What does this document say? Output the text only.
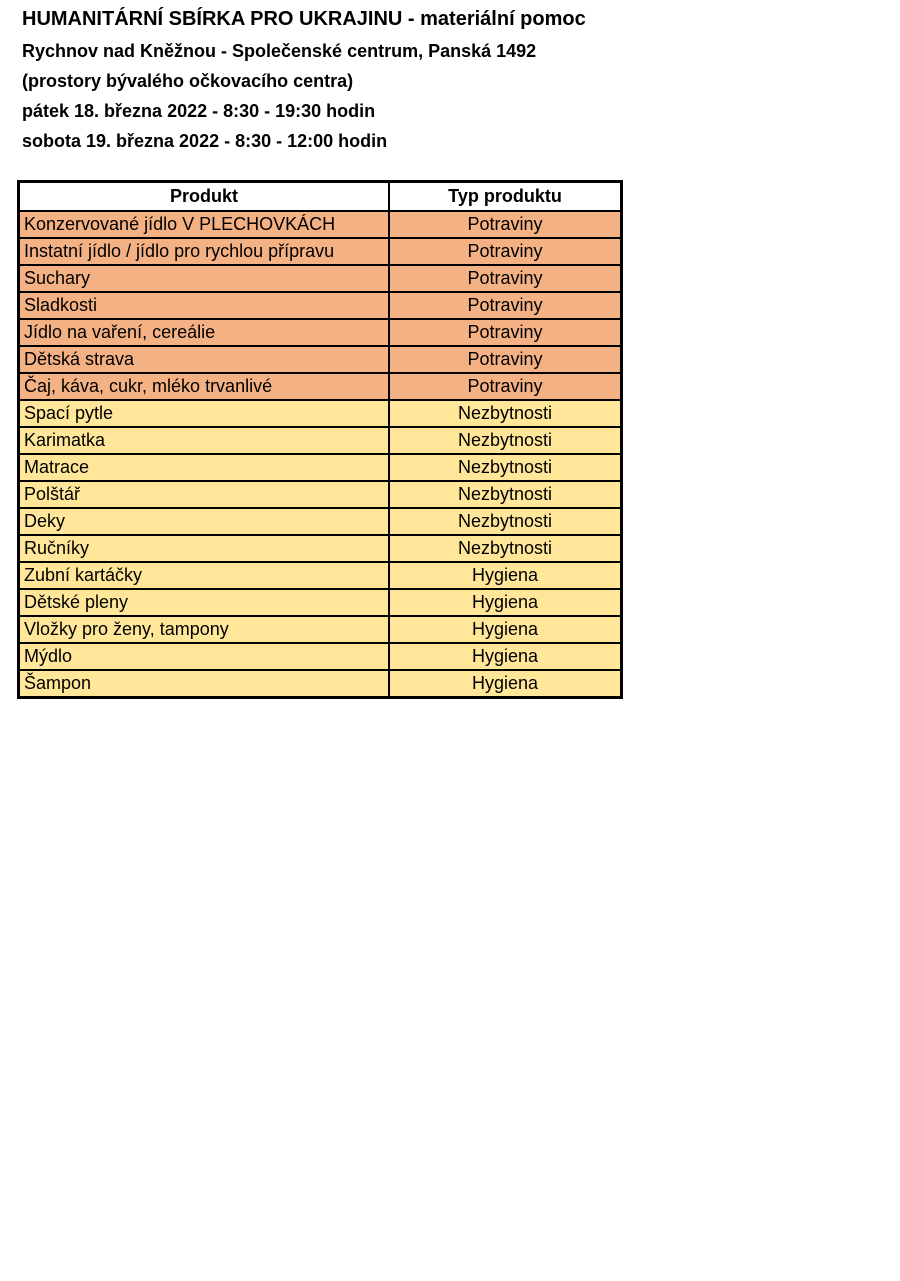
HUMANITÁRNÍ SBÍRKA PRO UKRAJINU - materiální pomoc
Rychnov nad Kněžnou - Společenské centrum, Panská 1492
(prostory bývalého očkovacího centra)
pátek 18. března 2022 - 8:30 - 19:30 hodin
sobota 19. března 2022 - 8:30 - 12:00 hodin
Produkt	Typ produktu
Konzervované jídlo V PLECHOVKÁCH	Potraviny
Instatní jídlo / jídlo pro rychlou přípravu	Potraviny
Suchary	Potraviny
Sladkosti	Potraviny
Jídlo na vaření, cereálie	Potraviny
Dětská strava	Potraviny
Čaj, káva, cukr, mléko trvanlivé	Potraviny
Spací pytle	Nezbytnosti
Karimatka	Nezbytnosti
Matrace	Nezbytnosti
Polštář	Nezbytnosti
Deky	Nezbytnosti
Ručníky	Nezbytnosti
Zubní kartáčky	Hygiena
Dětské pleny	Hygiena
Vložky pro ženy, tampony	Hygiena
Mýdlo	Hygiena
Šampon	Hygiena
